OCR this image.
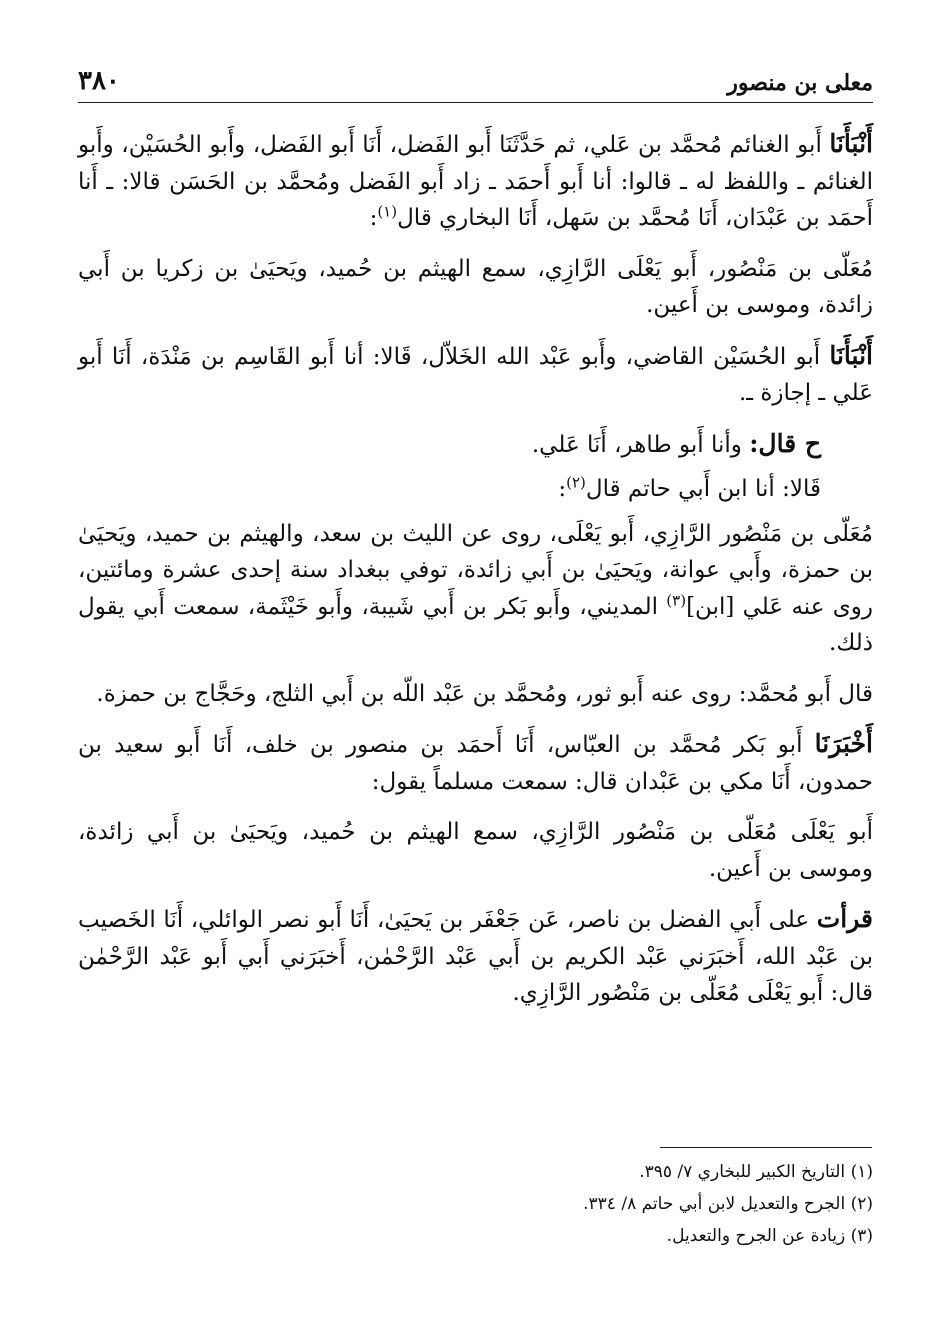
٣٨٠	معلى بن منصور

أَنْبَأَنَا أَبو الغنائم مُحمَّد بن عَلي، ثم حَدَّثَنَا أَبو الفَضل، أَنَا أَبو الفَضل، وأَبو الحُسَيْن، وأَبو الغنائم ـ واللفظ له ـ قالوا: أنا أَبو أَحمَد ـ زاد أَبو الفَضل ومُحمَّد بن الحَسَن قالا: ـ أَنا أَحمَد بن عَبْدَان، أَنَا مُحمَّد بن سَهل، أَنَا البخاري قال$^{(١)}$:

مُعَلّى بن مَنْصُور، أَبو يَعْلَى الرَّازِي، سمع الهيثم بن حُميد، ويَحيَىٰ بن زكريا بن أَبي زائدة، وموسى بن أَعين.

أَنْبَأَنَا أَبو الحُسَيْن القاضي، وأَبو عَبْد الله الخَلاّل، قَالا: أنا أَبو القَاسِم بن مَنْدَة، أَنَا أَبو عَلي ـ إجازة ـ.

ح قال: وأنا أَبو طاهر، أَنَا عَلي.

قَالا: أنا ابن أَبي حاتم قال$^{(٢)}$:

مُعَلّى بن مَنْصُور الرَّازِي، أَبو يَعْلَى، روى عن الليث بن سعد، والهيثم بن حميد، ويَحيَىٰ بن حمزة، وأَبي عوانة، ويَحيَىٰ بن أَبي زائدة، توفي ببغداد سنة إحدى عشرة ومائتين، روى عنه عَلي [ابن]$^{(٣)}$ المديني، وأَبو بَكر بن أَبي شَيبة، وأَبو خَيْثَمة، سمعت أَبي يقول ذلك.

قال أَبو مُحمَّد: روى عنه أَبو ثور، ومُحمَّد بن عَبْد اللّه بن أَبي الثلج، وحَجَّاج بن حمزة.

أَخْبَرَنَا أَبو بَكر مُحمَّد بن العبّاس، أَنَا أَحمَد بن منصور بن خلف، أَنَا أَبو سعيد بن حمدون، أَنَا مكي بن عَبْدان قال: سمعت مسلماً يقول:

أَبو يَعْلَى مُعَلّى بن مَنْصُور الرَّازِي، سمع الهيثم بن حُميد، ويَحيَىٰ بن أَبي زائدة، وموسى بن أَعين.

قرأت على أَبي الفضل بن ناصر، عَن جَعْفَر بن يَحيَىٰ، أَنَا أَبو نصر الوائلي، أَنَا الخَصيب بن عَبْد الله، أَخبَرَني عَبْد الكريم بن أَبي عَبْد الرَّحْمٰن، أَخبَرَني أَبي أَبو عَبْد الرَّحْمٰن قال: أَبو يَعْلَى مُعَلّى بن مَنْصُور الرَّازِي.

(١) التاريخ الكبير للبخاري ٧/ ٣٩٥.
(٢) الجرح والتعديل لابن أبي حاتم ٨/ ٣٣٤.
(٣) زيادة عن الجرح والتعديل.
